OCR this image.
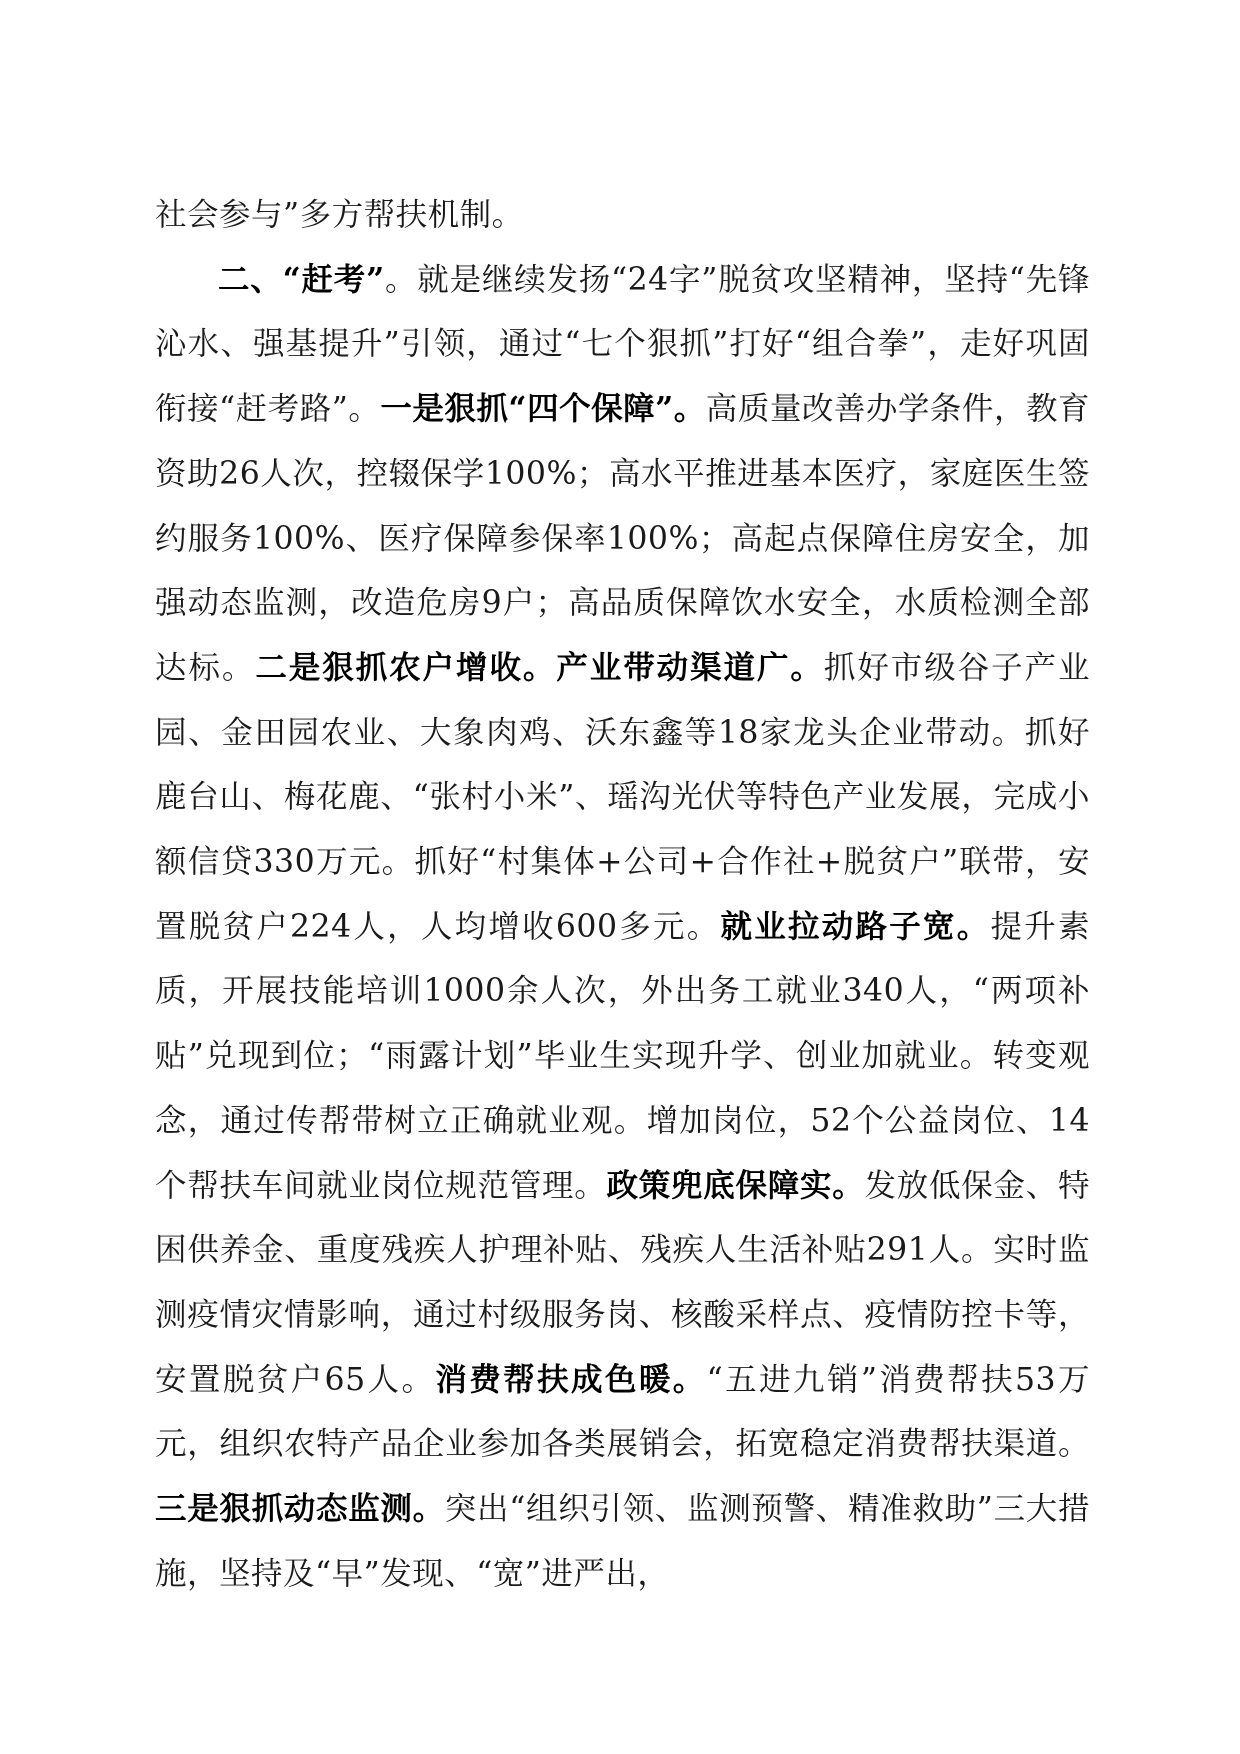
社会参与”多方帮扶机制。

二、“赶考”。就是继续发扬“24字”脱贫攻坚精神，坚持“先锋沁水、强基提升”引领，通过“七个狠抓”打好“组合拳”，走好巩固衔接“赶考路”。一是狠抓“四个保障”。高质量改善办学条件，教育资助26人次，控辍保学100%；高水平推进基本医疗，家庭医生签约服务100%、医疗保障参保率100%；高起点保障住房安全，加强动态监测，改造危房9户；高品质保障饮水安全，水质检测全部达标。二是狠抓农户增收。产业带动渠道广。抓好市级谷子产业园、金田园农业、大象肉鸡、沃东鑫等18家龙头企业带动。抓好鹿台山、梅花鹿、“张村小米”、瑶沟光伏等特色产业发展，完成小额信贷330万元。抓好“村集体+公司+合作社+脱贫户”联带，安置脱贫户224人，人均增收600多元。就业拉动路子宽。提升素质，开展技能培训1000余人次，外出务工就业340人，“两项补贴”兑现到位；“雨露计划”毕业生实现升学、创业加就业。转变观念，通过传帮带树立正确就业观。增加岗位，52个公益岗位、14个帮扶车间就业岗位规范管理。政策兜底保障实。发放低保金、特困供养金、重度残疾人护理补贴、残疾人生活补贴291人。实时监测疫情灾情影响，通过村级服务岗、核酸采样点、疫情防控卡等，安置脱贫户65人。消费帮扶成色暖。“五进九销”消费帮扶53万元，组织农特产品企业参加各类展销会，拓宽稳定消费帮扶渠道。三是狠抓动态监测。突出“组织引领、监测预警、精准救助”三大措施，坚持及“早”发现、“宽”进严出，
